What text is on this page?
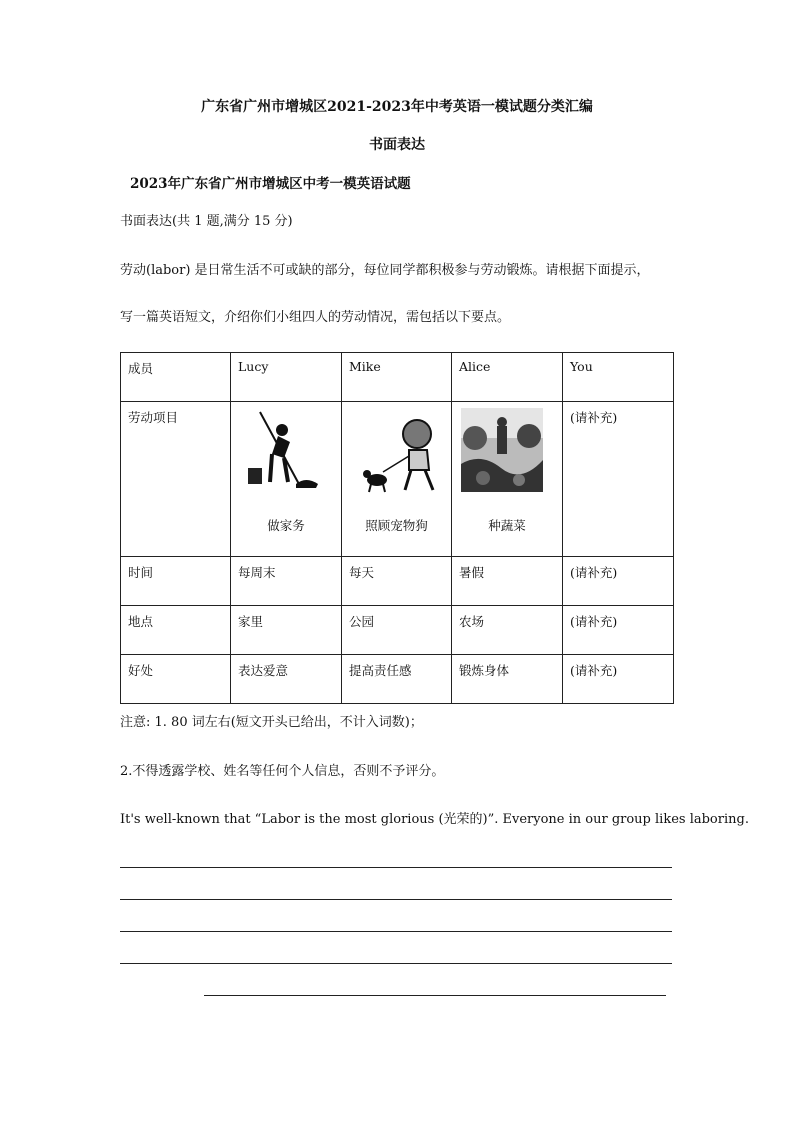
广东省广州市增城区2021-2023年中考英语一模试题分类汇编
书面表达
2023年广东省广州市增城区中考一模英语试题
书面表达(共 1 题,满分 15 分)
劳动(labor) 是日常生活不可或缺的部分，每位同学都积极参与劳动锻炼。请根据下面提示，
写一篇英语短文，介绍你们小组四人的劳动情况，需包括以下要点。
成员	Lucy	Mike	Alice	You
劳动项目	做家务	照顾宠物狗	种蔬菜	(请补充)
时间	每周末	每天	暑假	(请补充)
地点	家里	公园	农场	(请补充)
好处	表达爱意	提高责任感	锻炼身体	(请补充)
注意: 1. 80 词左右(短文开头已给出，不计入词数)；
2.不得透露学校、姓名等任何个人信息，否则不予评分。
It's well-known that “Labor is the most glorious (光荣的)”. Everyone in our group likes laboring.
